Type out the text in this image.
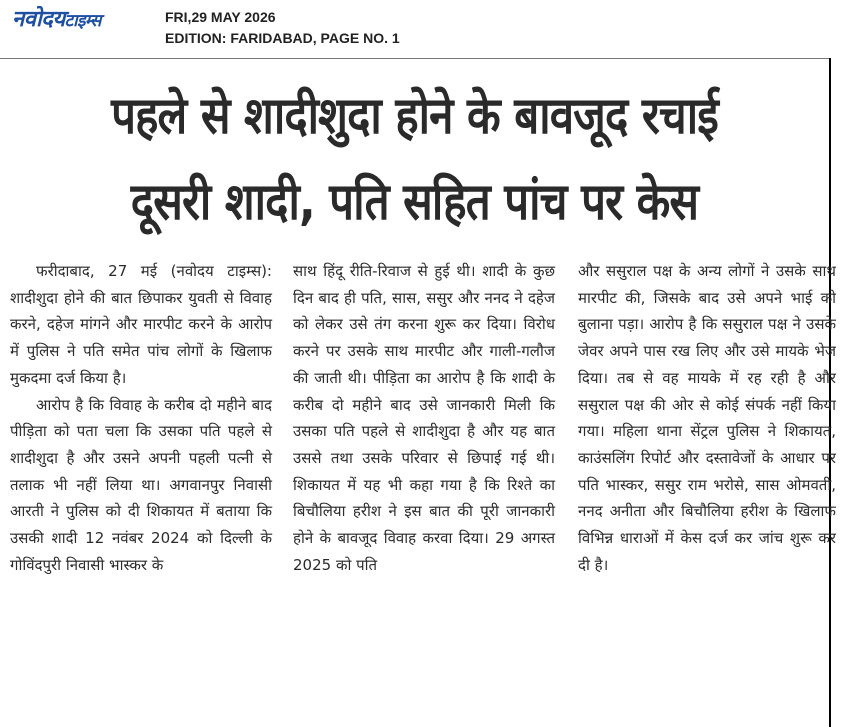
नवोदयटाइम्स	FRI,29 MAY 2026
EDITION: FARIDABAD, PAGE NO. 1
पहले से शादीशुदा होने के बावजूद रचाई
दूसरी शादी, पति सहित पांच पर केस

फरीदाबाद, 27 मई (नवोदय टाइम्स): शादीशुदा होने की बात छिपाकर युवती से विवाह करने, दहेज मांगने और मारपीट करने के आरोप में पुलिस ने पति समेत पांच लोगों के खिलाफ मुकदमा दर्ज किया है।

आरोप है कि विवाह के करीब दो महीने बाद पीड़िता को पता चला कि उसका पति पहले से शादीशुदा है और उसने अपनी पहली पत्नी से तलाक भी नहीं लिया था। अगवानपुर निवासी आरती ने पुलिस को दी शिकायत में बताया कि उसकी शादी 12 नवंबर 2024 को दिल्ली के गोविंदपुरी निवासी भास्कर के

साथ हिंदू रीति-रिवाज से हुई थी। शादी के कुछ दिन बाद ही पति, सास, ससुर और ननद ने दहेज को लेकर उसे तंग करना शुरू कर दिया। विरोध करने पर उसके साथ मारपीट और गाली-गलौज की जाती थी। पीड़िता का आरोप है कि शादी के करीब दो महीने बाद उसे जानकारी मिली कि उसका पति पहले से शादीशुदा है और यह बात उससे तथा उसके परिवार से छिपाई गई थी। शिकायत में यह भी कहा गया है कि रिश्ते का बिचौलिया हरीश ने इस बात की पूरी जानकारी होने के बावजूद विवाह करवा दिया। 29 अगस्त 2025 को पति

और ससुराल पक्ष के अन्य लोगों ने उसके साथ मारपीट की, जिसके बाद उसे अपने भाई को बुलाना पड़ा। आरोप है कि ससुराल पक्ष ने उसके जेवर अपने पास रख लिए और उसे मायके भेज दिया। तब से वह मायके में रह रही है और ससुराल पक्ष की ओर से कोई संपर्क नहीं किया गया। महिला थाना सेंट्रल पुलिस ने शिकायत, काउंसलिंग रिपोर्ट और दस्तावेजों के आधार पर पति भास्कर, ससुर राम भरोसे, सास ओमवती, ननद अनीता और बिचौलिया हरीश के खिलाफ विभिन्न धाराओं में केस दर्ज कर जांच शुरू कर दी है।
